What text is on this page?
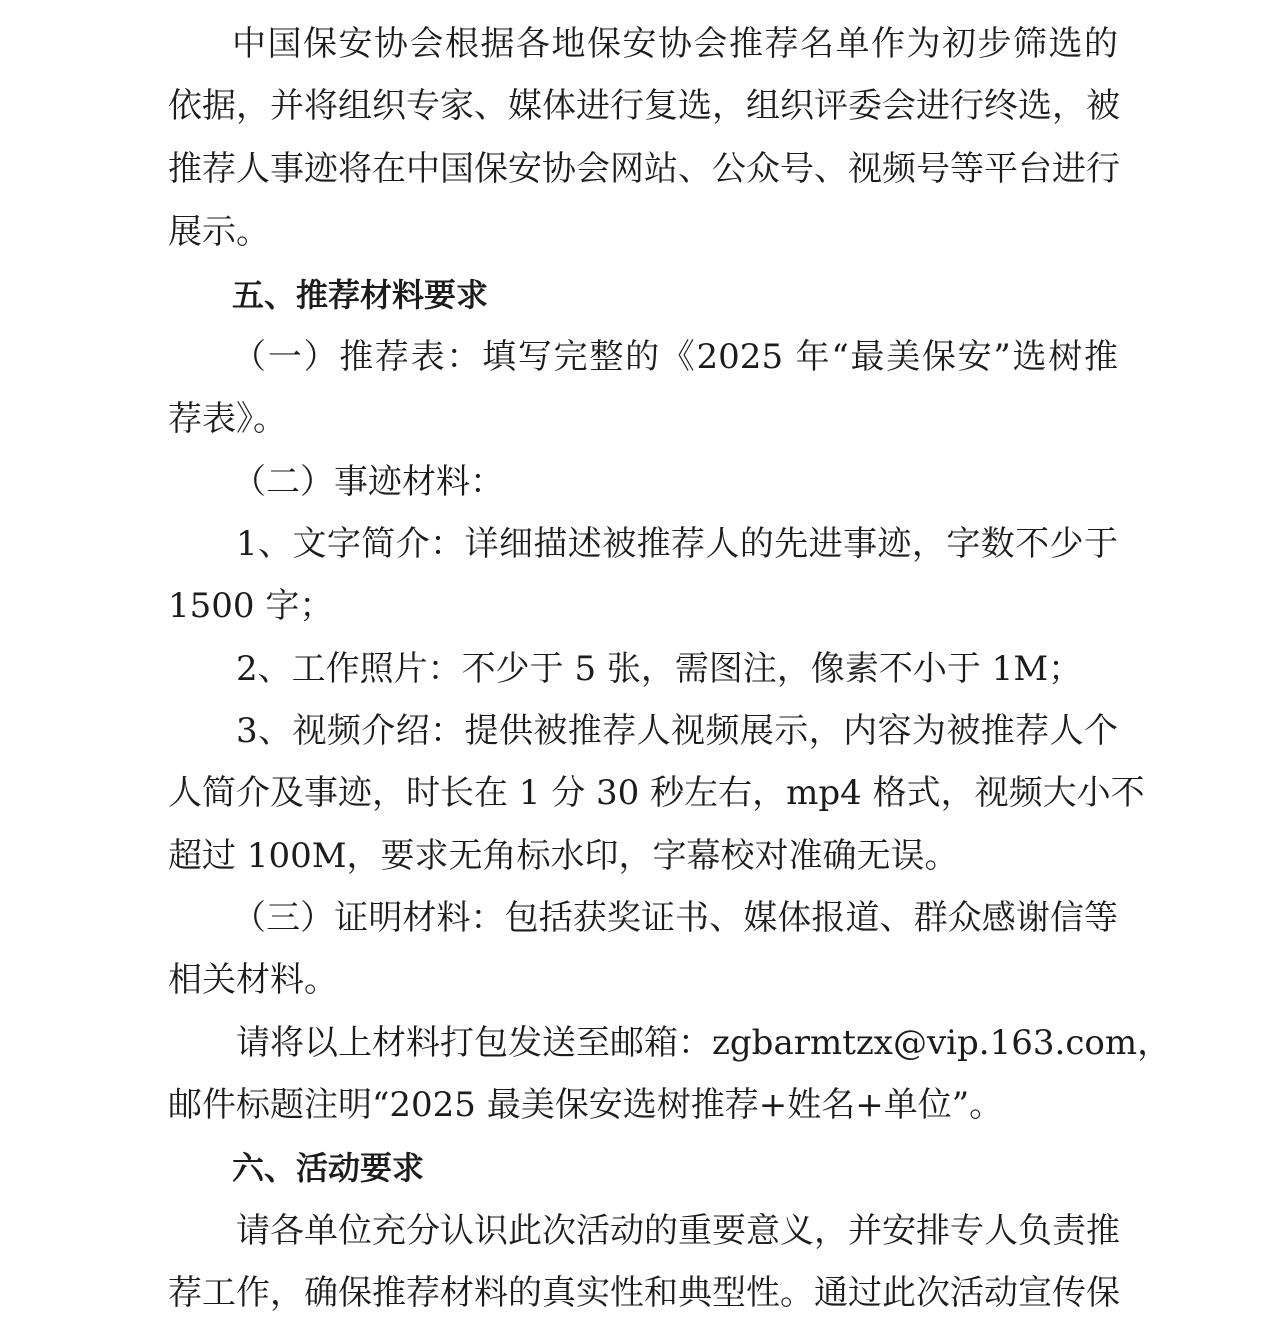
中国保安协会根据各地保安协会推荐名单作为初步筛选的
依据，并将组织专家、媒体进行复选，组织评委会进行终选，被
推荐人事迹将在中国保安协会网站、公众号、视频号等平台进行
展示。
五、推荐材料要求
（一）推荐表：填写完整的《2025 年“最美保安”选树推
荐表》。
（二）事迹材料：
1、文字简介：详细描述被推荐人的先进事迹，字数不少于
1500 字；
2、工作照片：不少于 5 张，需图注，像素不小于 1M；
3、视频介绍：提供被推荐人视频展示，内容为被推荐人个
人简介及事迹，时长在 1 分 30 秒左右，mp4 格式，视频大小不
超过 100M，要求无角标水印，字幕校对准确无误。
（三）证明材料：包括获奖证书、媒体报道、群众感谢信等
相关材料。
请将以上材料打包发送至邮箱：zgbarmtzx@vip.163.com，
邮件标题注明“2025 最美保安选树推荐+姓名+单位”。
六、活动要求
请各单位充分认识此次活动的重要意义，并安排专人负责推
荐工作，确保推荐材料的真实性和典型性。通过此次活动宣传保
